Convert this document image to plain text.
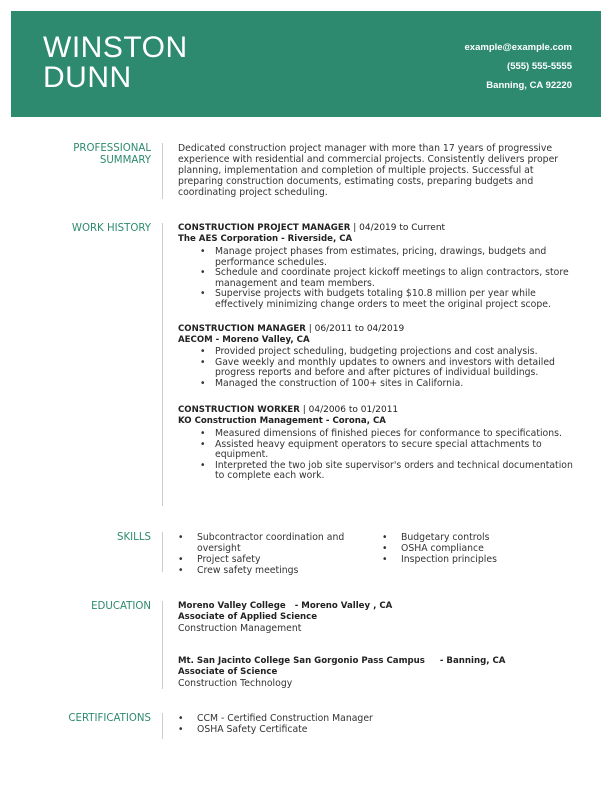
WINSTON
DUNN
example@example.com
(555) 555-5555
Banning, CA 92220
PROFESSIONAL
SUMMARY
Dedicated construction project manager with more than 17 years of progressive
experience with residential and commercial projects. Consistently delivers proper
planning, implementation and completion of multiple projects. Successful at
preparing construction documents, estimating costs, preparing budgets and
coordinating project scheduling.
WORK HISTORY	CONSTRUCTION PROJECT MANAGER | 04/2019 to Current
The AES Corporation - Riverside, CA
• Manage project phases from estimates, pricing, drawings, budgets and
performance schedules.
• Schedule and coordinate project kickoff meetings to align contractors, store
management and team members.
• Supervise projects with budgets totaling $10.8 million per year while
effectively minimizing change orders to meet the original project scope.
CONSTRUCTION MANAGER | 06/2011 to 04/2019
AECOM - Moreno Valley, CA
• Provided project scheduling, budgeting projections and cost analysis.
• Gave weekly and monthly updates to owners and investors with detailed
progress reports and before and after pictures of individual buildings.
• Managed the construction of 100+ sites in California.
CONSTRUCTION WORKER | 04/2006 to 01/2011
KO Construction Management - Corona, CA
• Measured dimensions of finished pieces for conformance to specifications.
• Assisted heavy equipment operators to secure special attachments to
equipment.
• Interpreted the two job site supervisor's orders and technical documentation
to complete each work.
SKILLS	• Subcontractor coordination and
oversight
• Project safety
• Crew safety meetings
• Budgetary controls
• OSHA compliance
• Inspection principles
EDUCATION	Moreno Valley College   - Moreno Valley , CA
Associate of Applied Science
Construction Management
Mt. San Jacinto College San Gorgonio Pass Campus     - Banning, CA
Associate of Science
Construction Technology
CERTIFICATIONS	• CCM - Certified Construction Manager
• OSHA Safety Certificate
